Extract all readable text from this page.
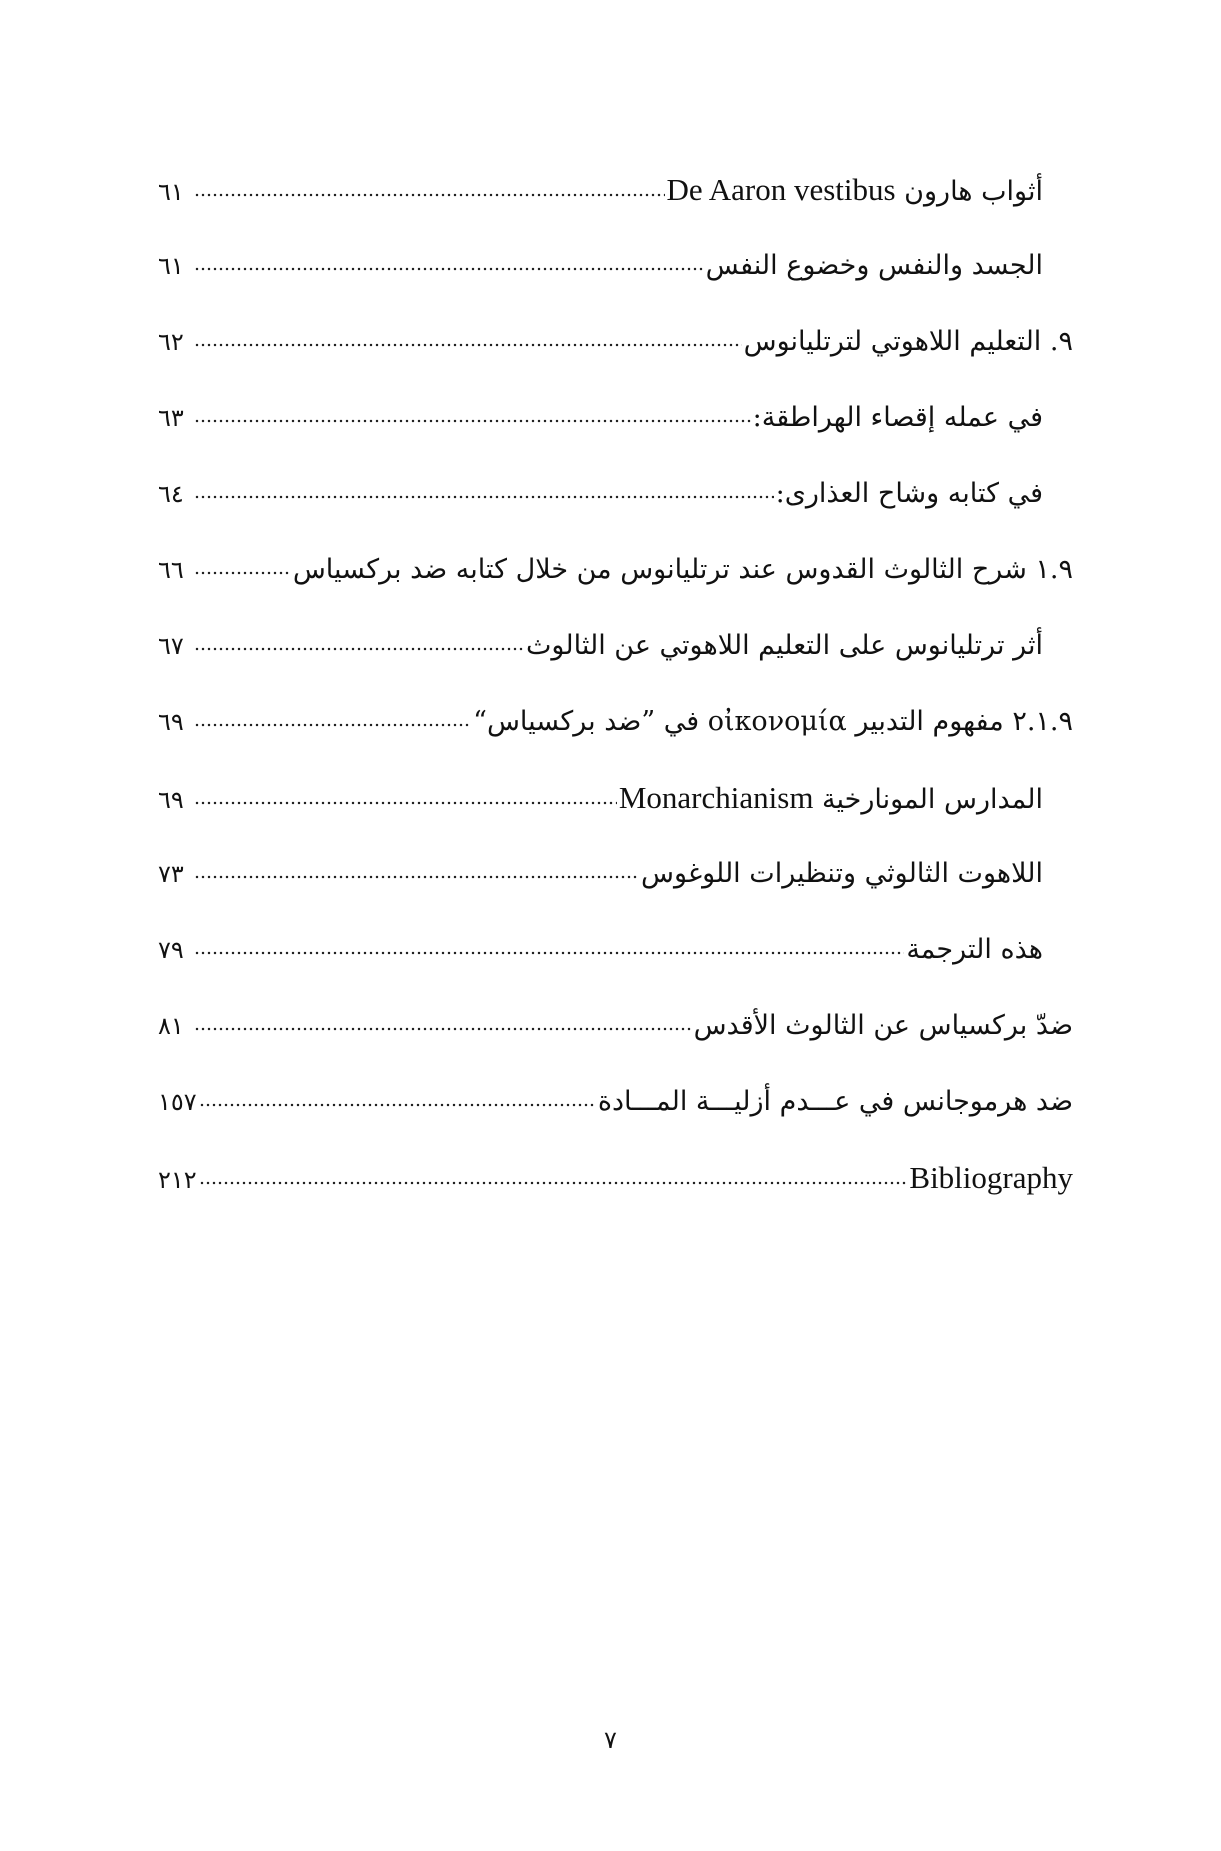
أثواب هارون De Aaron vestibus
٦١
الجسد والنفس وخضوع النفس
٦١
٩. التعليم اللاهوتي لترتليانوس
٦٢
في عمله إقصاء الهراطقة:
٦٣
في كتابه وشاح العذارى:
٦٤
١.٩ شرح الثالوث القدوس عند ترتليانوس من خلال كتابه ضد بركسياس
٦٦
أثر ترتليانوس على التعليم اللاهوتي عن الثالوث
٦٧
٢.١.٩ مفهوم التدبير οἰκονομία في ”ضد بركسياس“
٦٩
المدارس المونارخية Monarchianism
٦٩
اللاهوت الثالوثي وتنظيرات اللوغوس
٧٣
هذه الترجمة
٧٩
ضدّ بركسياس عن الثالوث الأقدس
٨١
ضد هرموجانس في عـــدم أزليـــة المـــادة
١٥٧
Bibliography
٢١٢
٧
